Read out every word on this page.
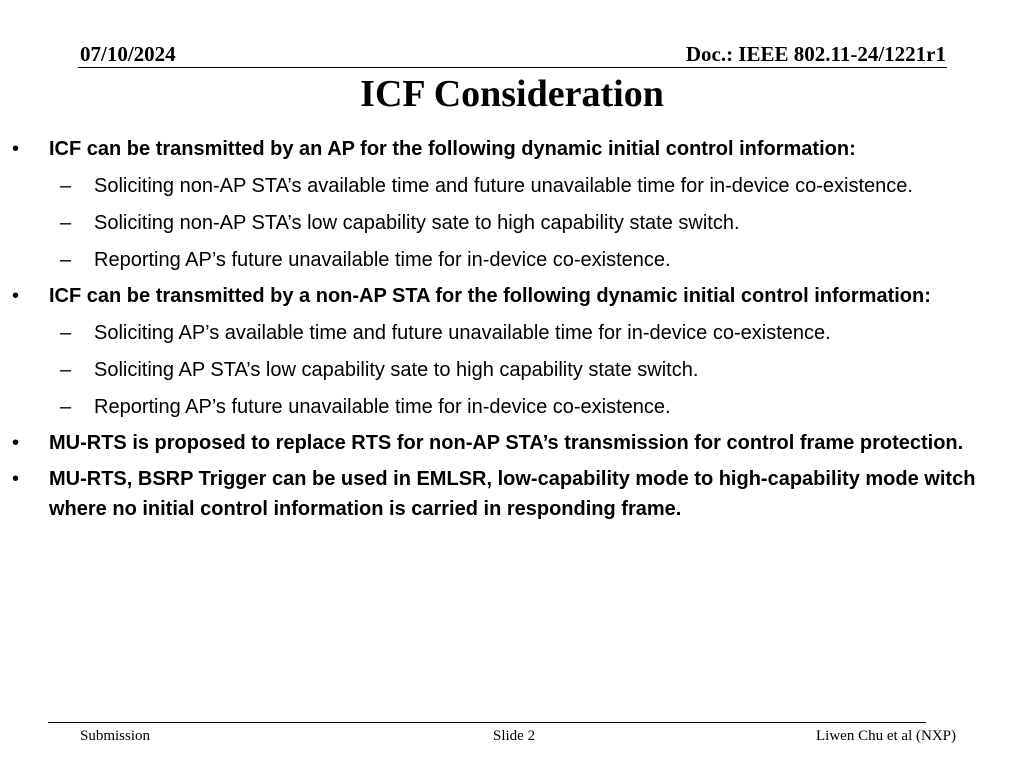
07/10/2024	Doc.: IEEE 802.11-24/1221r1
ICF Consideration
• ICF can be transmitted by an AP for the following dynamic initial control information:
– Soliciting non-AP STA’s available time and future unavailable time for in-device co-existence.
– Soliciting non-AP STA’s low capability sate to high capability state switch.
– Reporting AP’s future unavailable time for in-device co-existence.
• ICF can be transmitted by a non-AP STA for the following dynamic initial control information:
– Soliciting AP’s available time and future unavailable time for in-device co-existence.
– Soliciting AP STA’s low capability sate to high capability state switch.
– Reporting AP’s future unavailable time for in-device co-existence.
• MU-RTS is proposed to replace RTS for non-AP STA’s transmission for control frame protection.
• MU-RTS, BSRP Trigger can be used in EMLSR, low-capability mode to high-capability mode witch where no initial control information is carried in responding frame.
Submission	Slide 2	Liwen Chu et al (NXP)
